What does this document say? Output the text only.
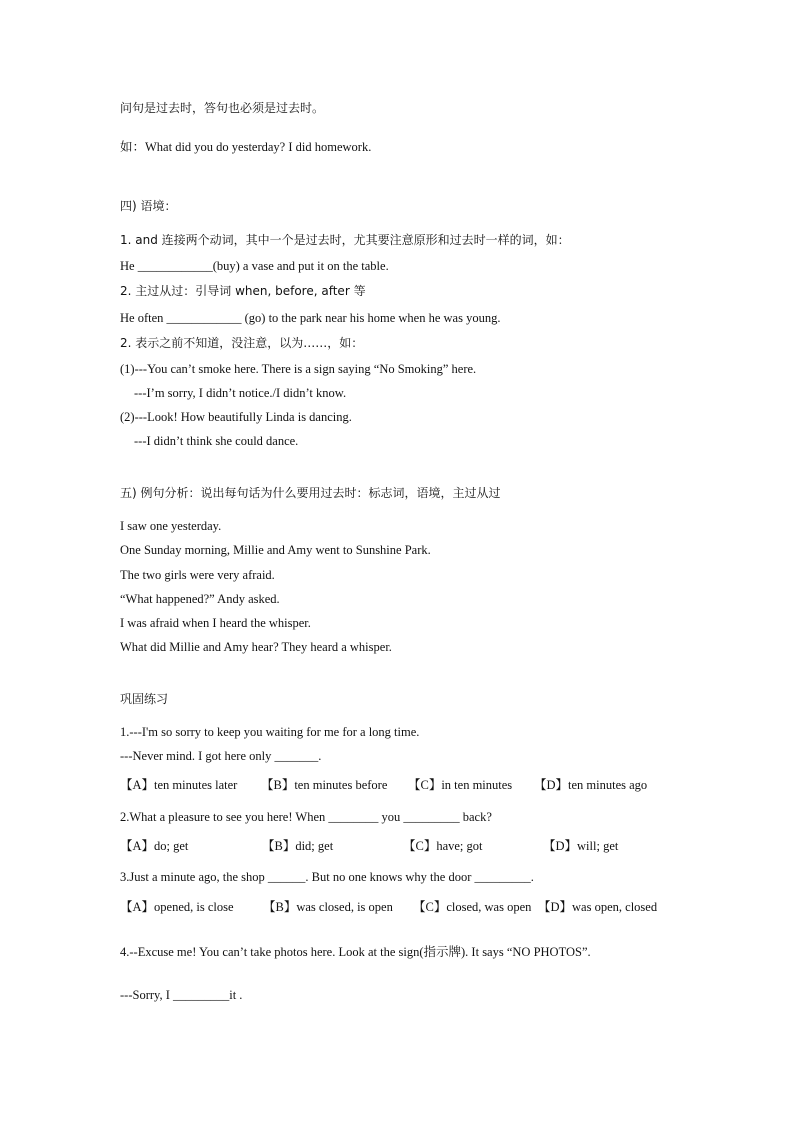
问句是过去时，答句也必须是过去时。
如：What did you do yesterday? I did homework.
四) 语境：
1. and 连接两个动词，其中一个是过去时，尤其要注意原形和过去时一样的词，如：
He ____________(buy) a vase and put it on the table.
2. 主过从过：引导词 when, before, after 等
He often ____________ (go) to the park near his home when he was young.
2. 表示之前不知道，没注意，以为……，如：
(1)---You can’t smoke here. There is a sign saying “No Smoking” here.
---I’m sorry, I didn’t notice./I didn’t know.
(2)---Look! How beautifully Linda is dancing.
---I didn’t think she could dance.
五) 例句分析：说出每句话为什么要用过去时：标志词，语境，主过从过
I saw one yesterday.
One Sunday morning, Millie and Amy went to Sunshine Park.
The two girls were very afraid.
“What happened?” Andy asked.
I was afraid when I heard the whisper.
What did Millie and Amy hear? They heard a whisper.
巩固练习
1.---I'm so sorry to keep you waiting for me for a long time.
---Never mind. I got here only _______.
【A】ten minutes later 【B】ten minutes before 【C】in ten minutes 【D】ten minutes ago
2.What a pleasure to see you here! When ________ you _________ back?
【A】do; get	【B】did; get	【C】have; got	【D】will; get
3.Just a minute ago, the shop ______. But no one knows why the door _________.
【A】opened, is close 【B】was closed, is open 【C】closed, was open 【D】was open, closed
4.--Excuse me! You can’t take photos here. Look at the sign(指示牌). It says “NO PHOTOS”.
---Sorry, I _________it .
